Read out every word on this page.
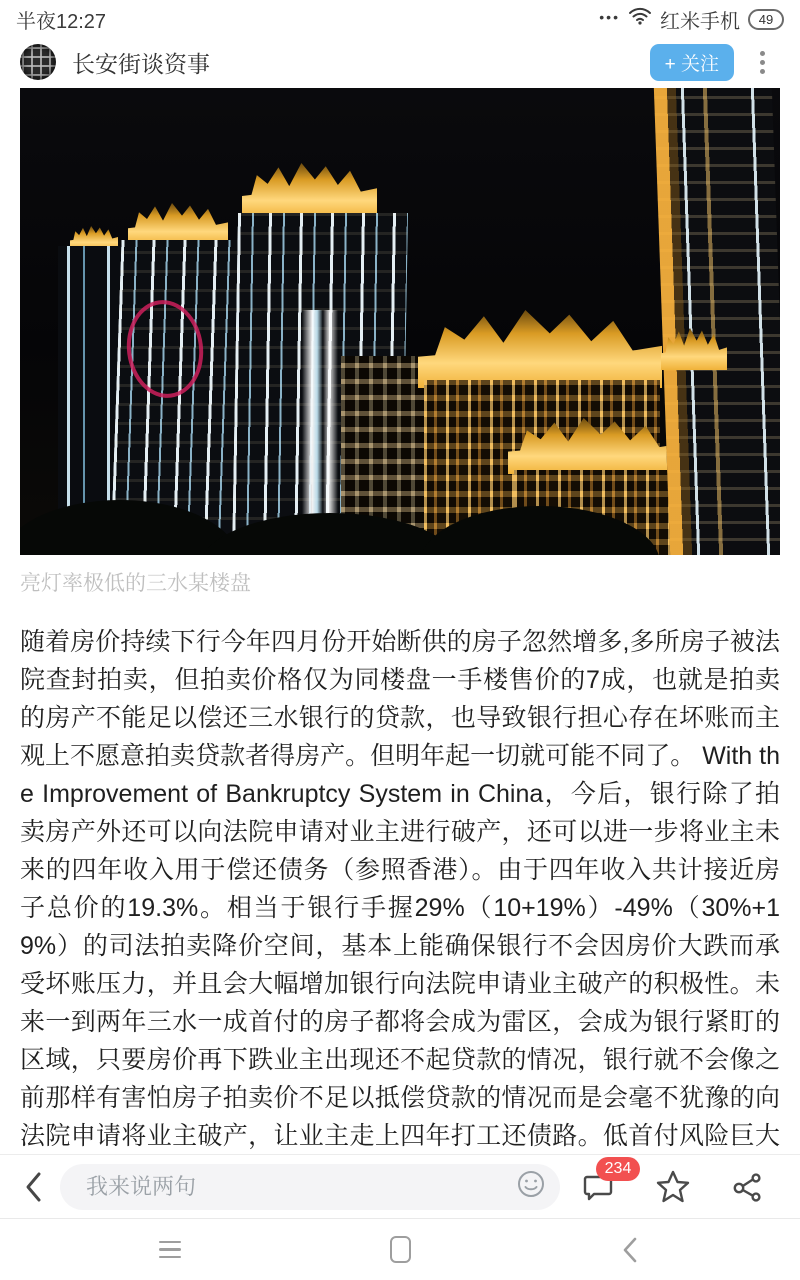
半夜12:27	••• 红米手机 49
长安街谈资事	+ 关注
亮灯率极低的三水某楼盘

随着房价持续下行今年四月份开始断供的房子忽然增多,多所房子被法院查封拍卖，但拍卖价格仅为同楼盘一手楼售价的7成，也就是拍卖的房产不能足以偿还三水银行的贷款，也导致银行担心存在坏账而主观上不愿意拍卖贷款者得房产。但明年起一切就可能不同了。 With the Improvement of Bankruptcy System in China，今后，银行除了拍卖房产外还可以向法院申请对业主进行破产，还可以进一步将业主未来的四年收入用于偿还债务（参照香港）。由于四年收入共计接近房子总价的19.3%。相当于银行手握29%（10+19%）-49%（30%+19%）的司法拍卖降价空间，基本上能确保银行不会因房价大跌而承受坏账压力，并且会大幅增加银行向法院申请业主破产的积极性。未来一到两年三水一成首付的房子都将会成为雷区，会成为银行紧盯的区域，只要房价再下跌业主出现还不起贷款的情况，银行就不会像之前那样有害怕房子拍卖价不足以抵偿贷款的情况而是会毫不犹豫的向法院申请将业主破产，让业主走上四年打工还债路。低首付风险巨大

我来说两句
234
